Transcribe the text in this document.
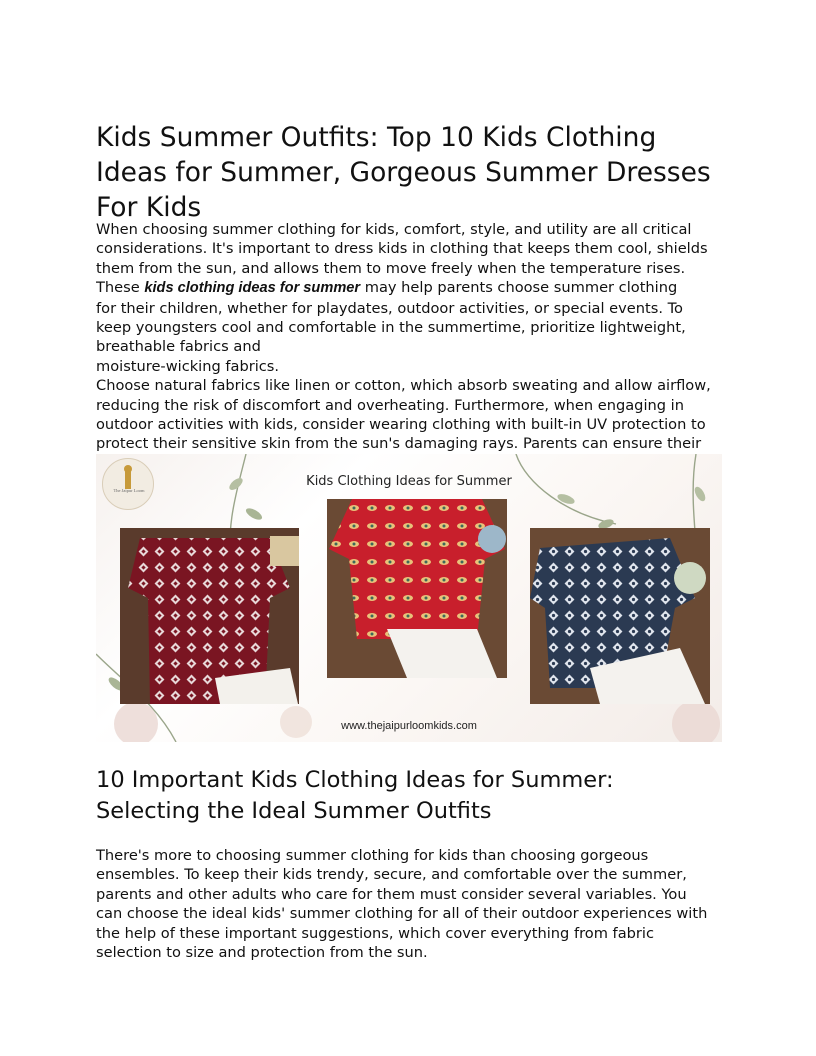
Kids Summer Outfits: Top 10 Kids Clothing Ideas for Summer, Gorgeous Summer Dresses For Kids

When choosing summer clothing for kids, comfort, style, and utility are all critical
considerations. It's important to dress kids in clothing that keeps them cool, shields
them from the sun, and allows them to move freely when the temperature rises.
These kids clothing ideas for summer may help parents choose summer clothing
for their children, whether for playdates, outdoor activities, or special events. To
keep youngsters cool and comfortable in the summertime, prioritize lightweight,
breathable fabrics and
moisture-wicking fabrics.
Choose natural fabrics like linen or cotton, which absorb sweating and allow airflow,
reducing the risk of discomfort and overheating. Furthermore, when engaging in
outdoor activities with kids, consider wearing clothing with built-in UV protection to
protect their sensitive skin from the sun's damaging rays. Parents can ensure their

The Jaipur Loom
Kids Clothing Ideas for Summer
www.thejaipurloomkids.com
10 Important Kids Clothing Ideas for Summer: Selecting the Ideal Summer Outfits

There's more to choosing summer clothing for kids than choosing gorgeous
ensembles. To keep their kids trendy, secure, and comfortable over the summer,
parents and other adults who care for them must consider several variables. You
can choose the ideal kids' summer clothing for all of their outdoor experiences with
the help of these important suggestions, which cover everything from fabric
selection to size and protection from the sun.
